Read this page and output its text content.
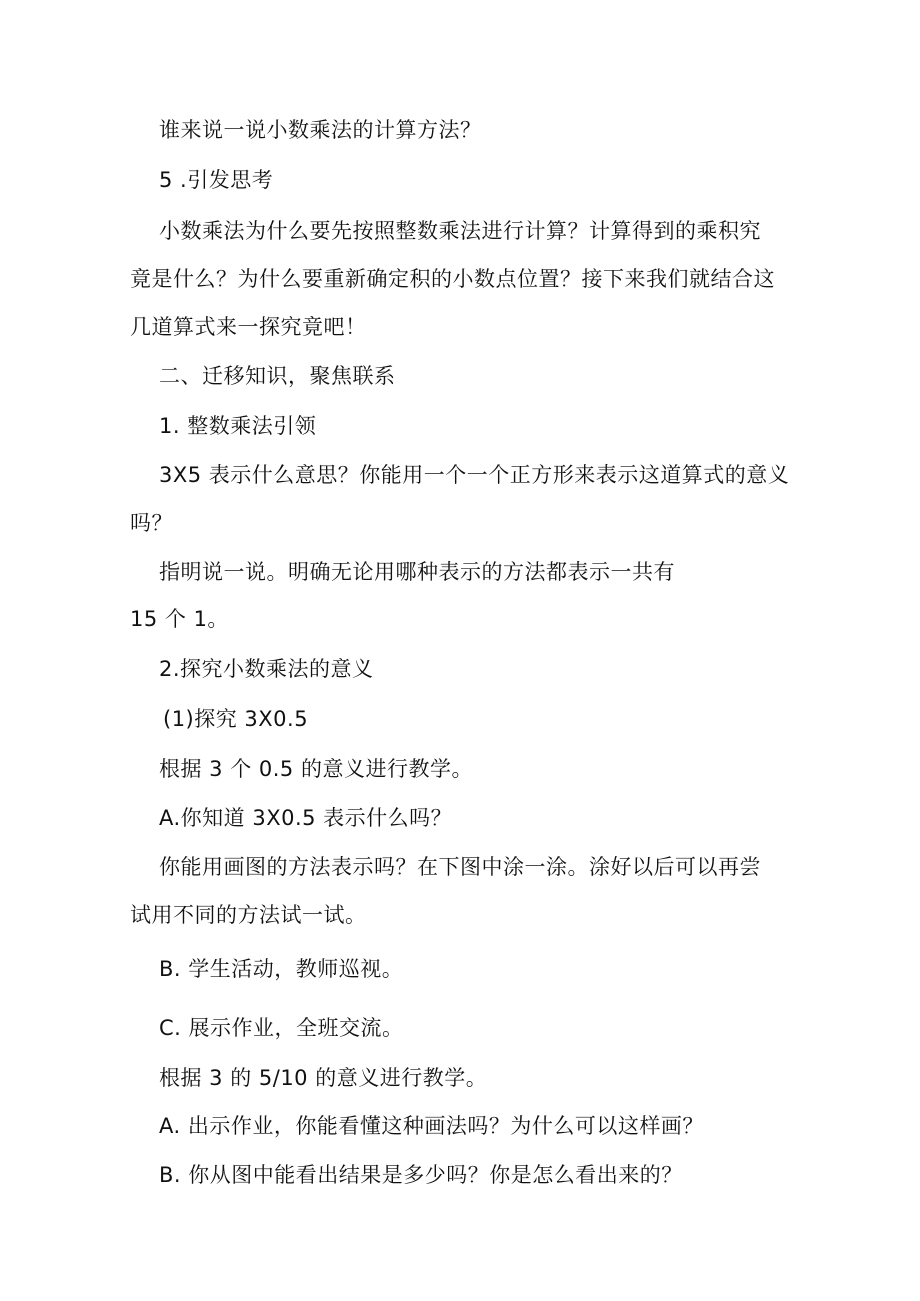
谁来说一说小数乘法的计算方法？
5 .引发思考
小数乘法为什么要先按照整数乘法进行计算？计算得到的乘积究
竟是什么？为什么要重新确定积的小数点位置？接下来我们就结合这
几道算式来一探究竟吧！
二、迁移知识，聚焦联系
1. 整数乘法引领
3X5 表示什么意思？你能用一个一个正方形来表示这道算式的意义
吗？
指明说一说。明确无论用哪种表示的方法都表示一共有
15 个 1。
2.探究小数乘法的意义
(1)探究 3X0.5
根据 3 个 0.5 的意义进行教学。
A.你知道 3X0.5 表示什么吗？
你能用画图的方法表示吗？在下图中涂一涂。涂好以后可以再尝
试用不同的方法试一试。
B. 学生活动，教师巡视。
C. 展示作业，全班交流。
根据 3 的 5/10 的意义进行教学。
A. 出示作业，你能看懂这种画法吗？为什么可以这样画？
B. 你从图中能看出结果是多少吗？你是怎么看出来的？
